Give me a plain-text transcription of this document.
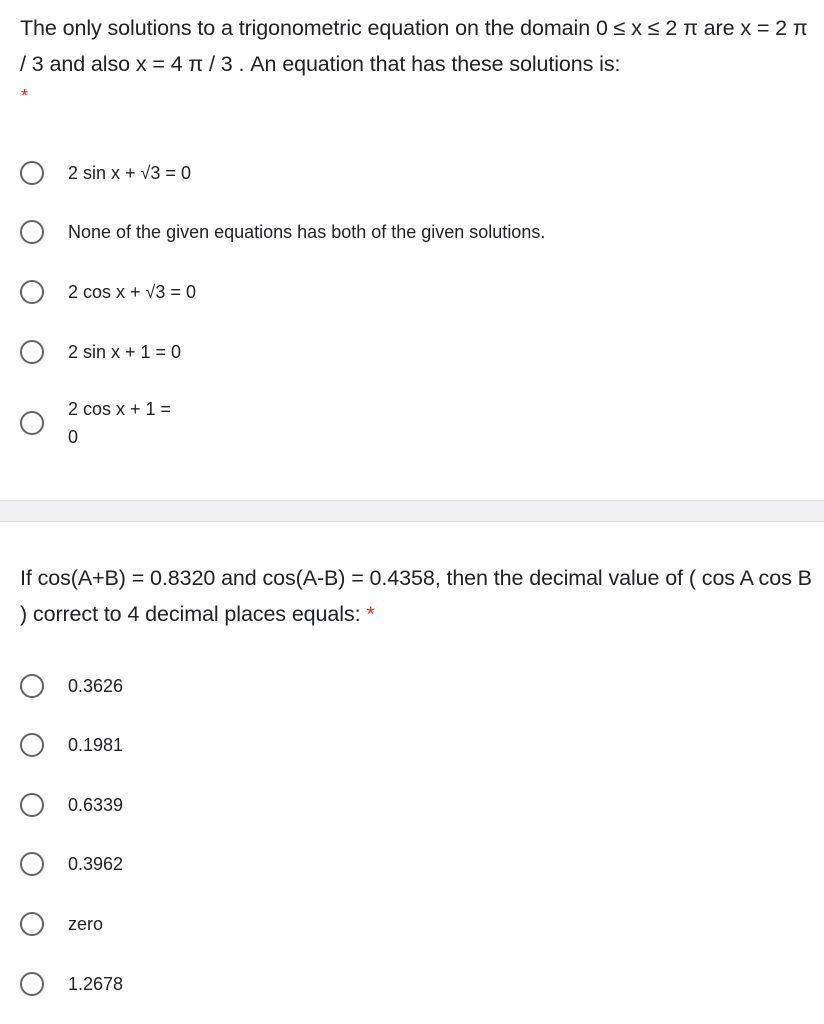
The only solutions to a trigonometric equation on the domain 0 ≤ x ≤ 2 π are x = 2 π / 3 and also x = 4 π / 3 . An equation that has these solutions is:
*
2 sin x + √3 = 0
None of the given equations has both of the given solutions.
2 cos x + √3 = 0
2 sin x + 1 = 0
2 cos x + 1 =
0
If cos(A+B) = 0.8320 and cos(A-B) = 0.4358, then the decimal value of ( cos A cos B ) correct to 4 decimal places equals: *
0.3626
0.1981
0.6339
0.3962
zero
1.2678
